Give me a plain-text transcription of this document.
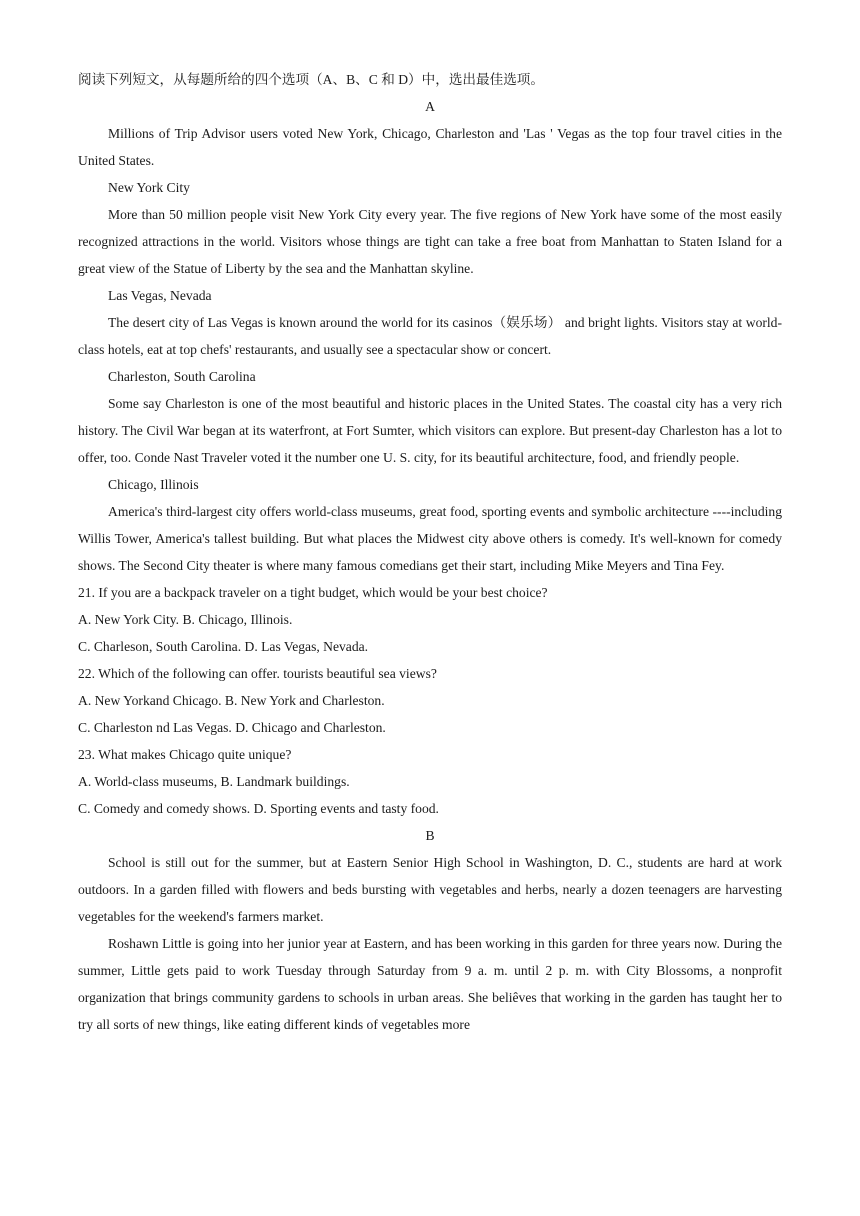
阅读下列短文，从每题所给的四个选项（A、B、C 和 D）中，选出最佳选项。

A

Millions of Trip Advisor users voted New York, Chicago, Charleston and 'Las ' Vegas as the top four travel cities in the United States.

New York City

More than 50 million people visit New York City every year. The five regions of New York have some of the most easily recognized attractions in the world. Visitors whose things are tight can take a free boat from Manhattan to Staten Island for a great view of the Statue of Liberty by the sea and the Manhattan skyline.

Las Vegas, Nevada

The desert city of Las Vegas is known around the world for its casinos（娱乐场） and bright lights. Visitors stay at world-class hotels, eat at top chefs' restaurants, and usually see a spectacular show or concert.

Charleston, South Carolina

Some say Charleston is one of the most beautiful and historic places in the United States. The coastal city has a very rich history. The Civil War began at its waterfront, at Fort Sumter, which visitors can explore. But present-day Charleston has a lot to offer, too. Conde Nast Traveler voted it the number one U. S. city, for its beautiful architecture, food, and friendly people.

Chicago, Illinois

America's third-largest city offers world-class museums, great food, sporting events and symbolic architecture ----including Willis Tower, America's tallest building. But what places the Midwest city above others is comedy. It's well-known for comedy shows. The Second City theater is where many famous comedians get their start, including Mike Meyers and Tina Fey.

21. If you are a backpack traveler on a tight budget, which would be your best choice?

A. New York City. B. Chicago, Illinois.

C. Charleson, South Carolina. D. Las Vegas, Nevada.

22. Which of the following can offer. tourists beautiful sea views?

A. New Yorkand Chicago. B. New York and Charleston.

C. Charleston nd Las Vegas. D. Chicago and Charleston.

23. What makes Chicago quite unique?

A. World-class museums, B. Landmark buildings.

C. Comedy and comedy shows. D. Sporting events and tasty food.

B

School is still out for the summer, but at Eastern Senior High School in Washington, D. C., students are hard at work outdoors. In a garden filled with flowers and beds bursting with vegetables and herbs, nearly a dozen teenagers are harvesting vegetables for the weekend's farmers market.

Roshawn Little is going into her junior year at Eastern, and has been working in this garden for three years now. During the summer, Little gets paid to work Tuesday through Saturday from 9 a. m. until 2 p. m. with City Blossoms, a nonprofit organization that brings community gardens to schools in urban areas. She beliêves that working in the garden has taught her to try all sorts of new things, like eating different kinds of vegetables more
